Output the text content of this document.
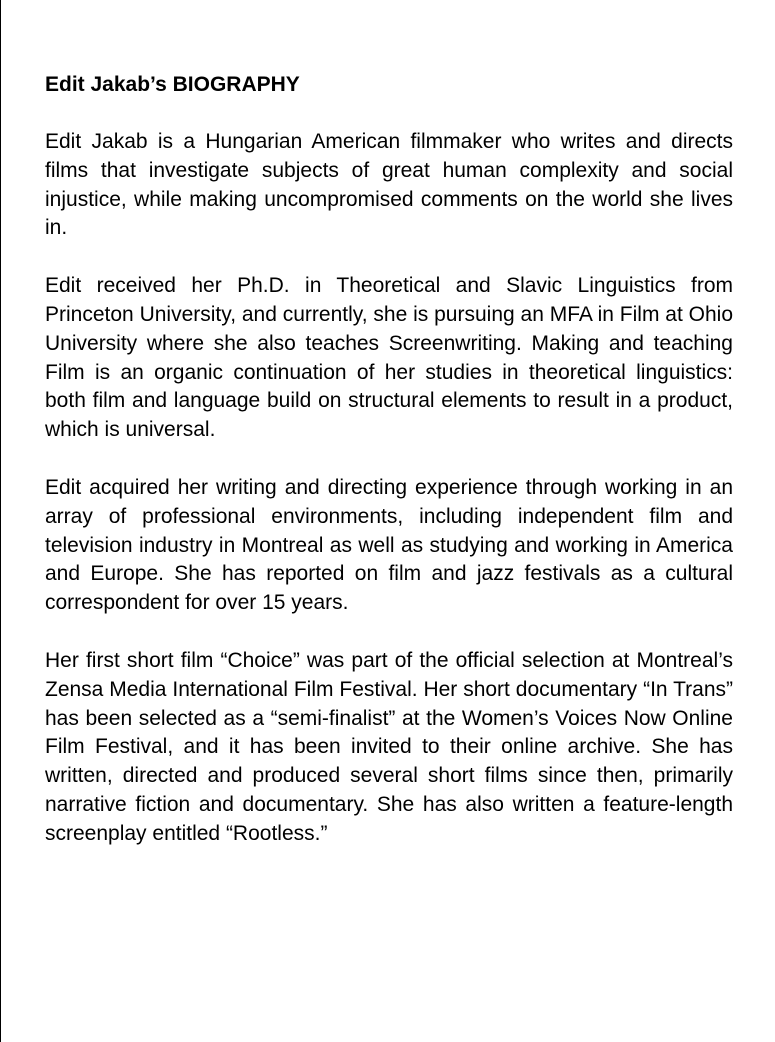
Edit Jakab’s BIOGRAPHY

Edit Jakab is a Hungarian American filmmaker who writes and directs films that investigate subjects of great human complexity and social injustice, while making uncompromised comments on the world she lives in.

Edit received her Ph.D. in Theoretical and Slavic Linguistics from Princeton University, and currently, she is pursuing an MFA in Film at Ohio University where she also teaches Screenwriting. Making and teaching Film is an organic continuation of her studies in theoretical linguistics: both film and language build on structural elements to result in a product, which is universal.

Edit acquired her writing and directing experience through working in an array of professional environments, including independent film and television industry in Montreal as well as studying and working in America and Europe. She has reported on film and jazz festivals as a cultural correspondent for over 15 years.

Her first short film “Choice” was part of the official selection at Montreal’s Zensa Media International Film Festival. Her short documentary “In Trans” has been selected as a “semi-finalist” at the Women’s Voices Now Online Film Festival, and it has been invited to their online archive. She has written, directed and produced several short films since then, primarily narrative fiction and documentary. She has also written a feature-length screenplay entitled “Rootless.”
